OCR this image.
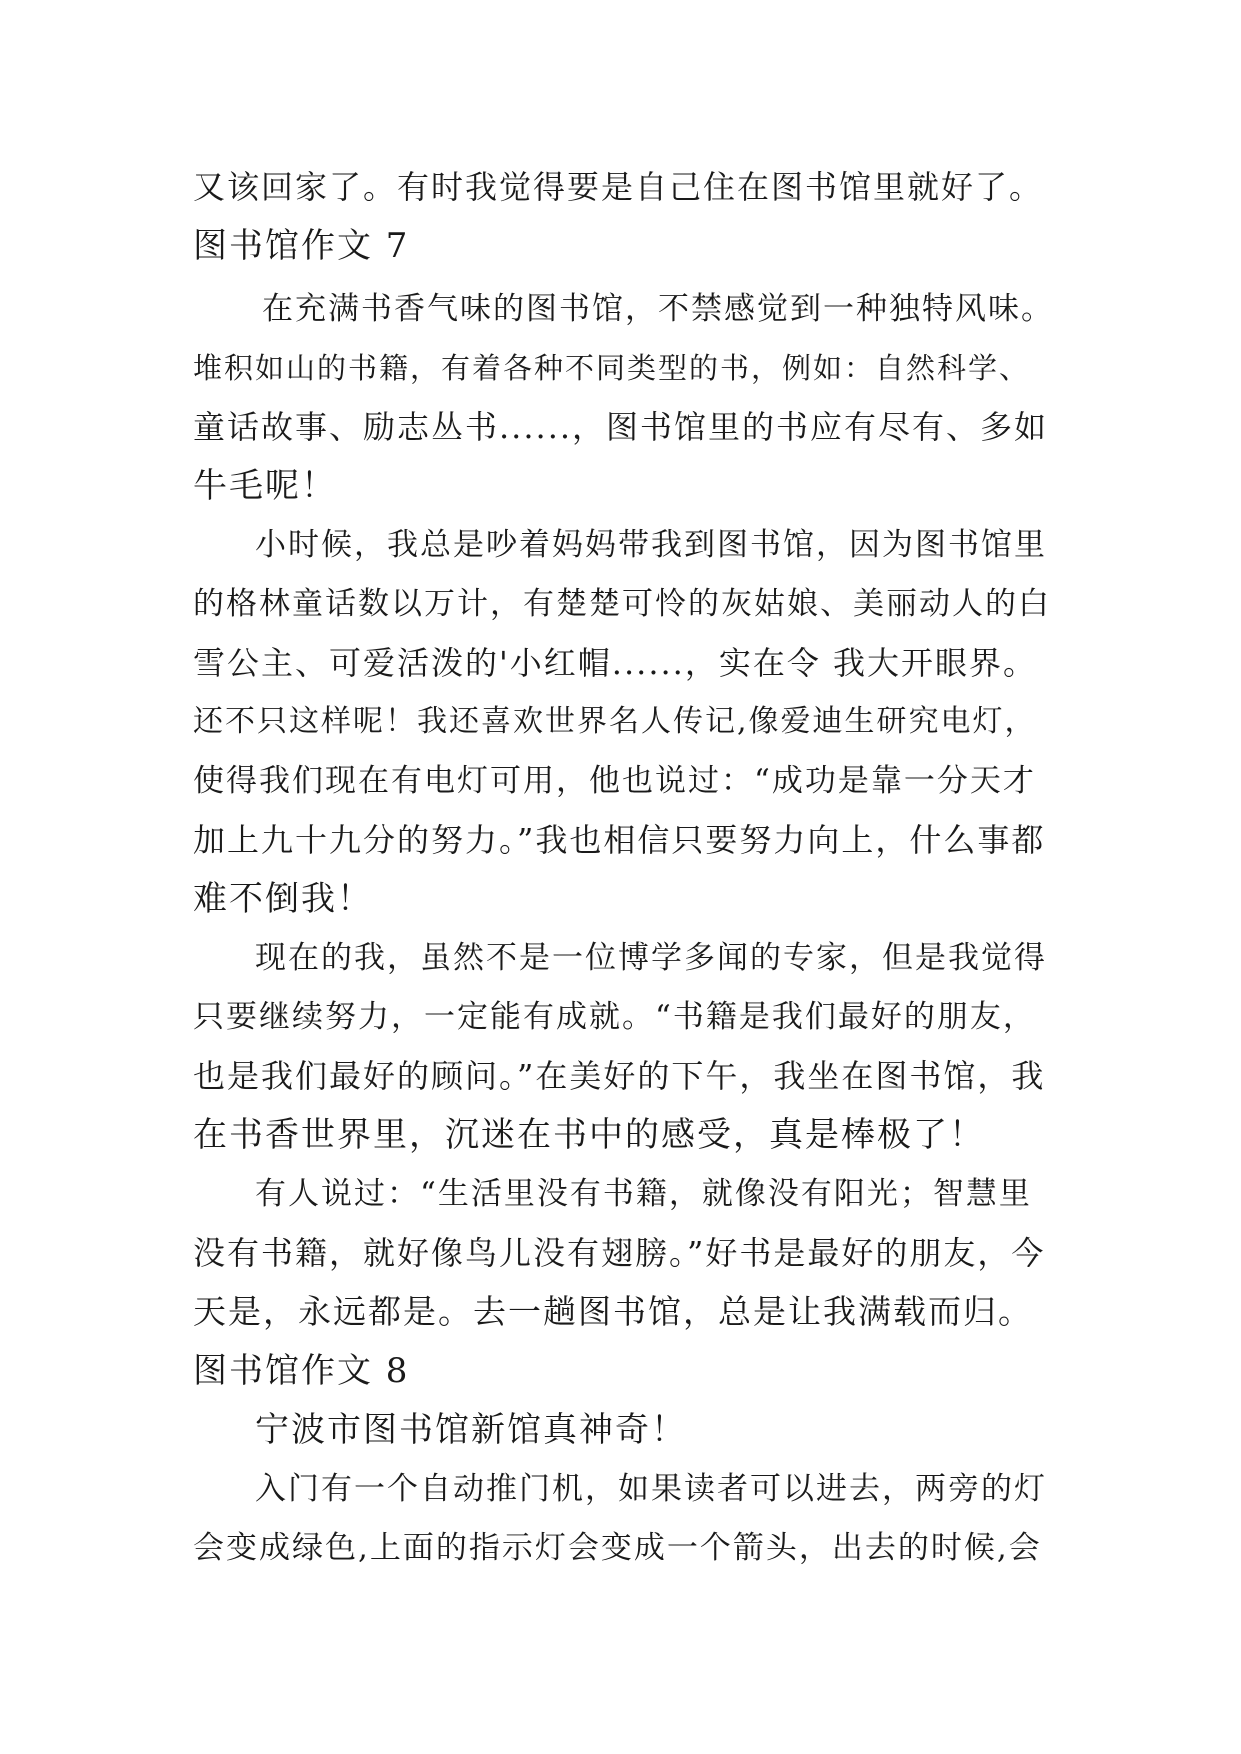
又该回家了。有时我觉得要是自己住在图书馆里就好了。
图书馆作文 7
在充满书香气味的图书馆，不禁感觉到一种独特风味。
堆积如山的书籍，有着各种不同类型的书，例如：自然科学、
童话故事、励志丛书......，图书馆里的书应有尽有、多如
牛毛呢！
小时候，我总是吵着妈妈带我到图书馆，因为图书馆里
的格林童话数以万计，有楚楚可怜的灰姑娘、美丽动人的白
雪公主、可爱活泼的'小红帽......，实在令 我大开眼界。
还不只这样呢！我还喜欢世界名人传记,像爱迪生研究电灯，
使得我们现在有电灯可用，他也说过：“成功是靠一分天才
加上九十九分的努力。”我也相信只要努力向上，什么事都
难不倒我！
现在的我，虽然不是一位博学多闻的专家，但是我觉得
只要继续努力，一定能有成就。“书籍是我们最好的朋友，
也是我们最好的顾问。”在美好的下午，我坐在图书馆，我
在书香世界里，沉迷在书中的感受，真是棒极了！
有人说过：“生活里没有书籍，就像没有阳光；智慧里
没有书籍，就好像鸟儿没有翅膀。”好书是最好的朋友，今
天是，永远都是。去一趟图书馆，总是让我满载而归。
图书馆作文 8
宁波市图书馆新馆真神奇！
入门有一个自动推门机，如果读者可以进去，两旁的灯
会变成绿色,上面的指示灯会变成一个箭头，出去的时候,会
